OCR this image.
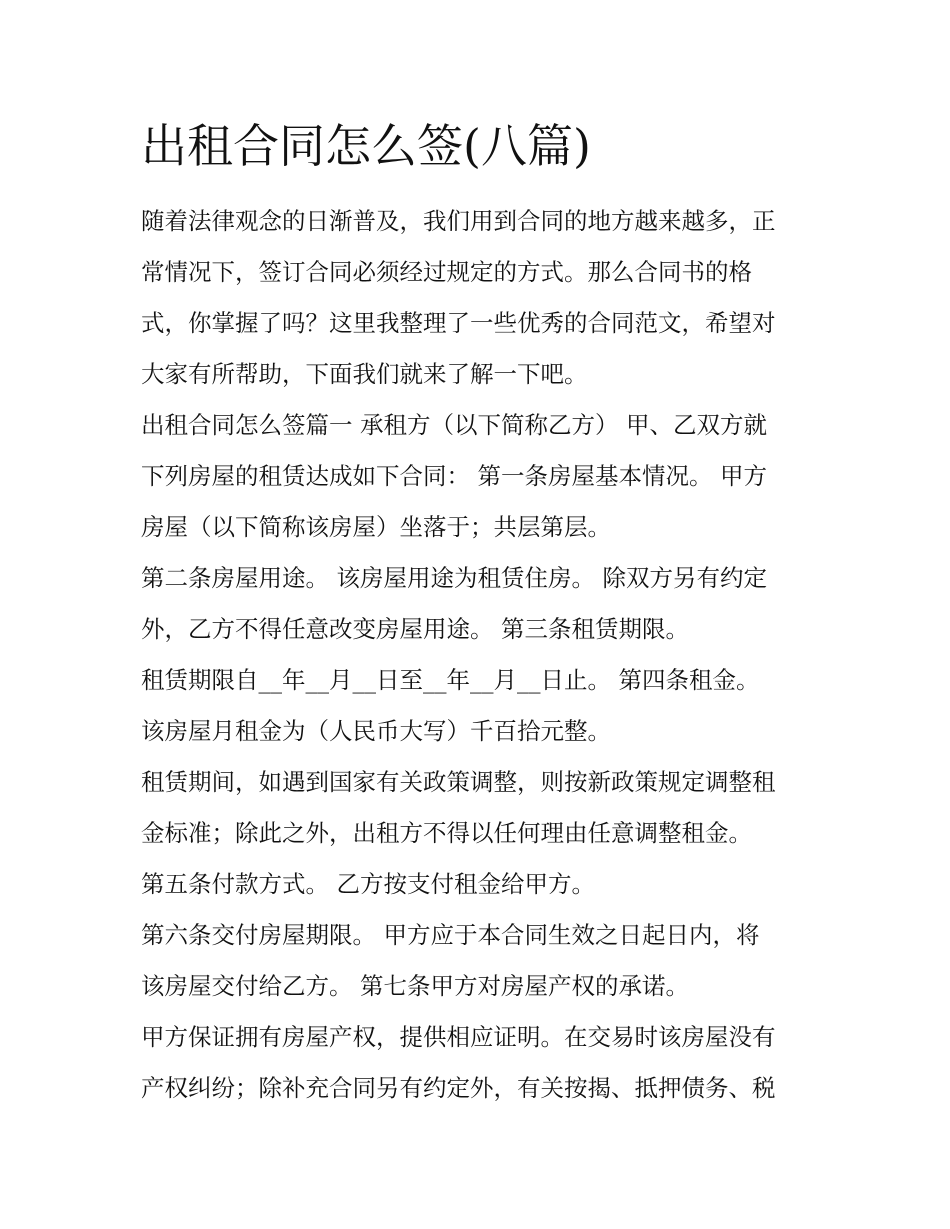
出租合同怎么签(八篇)
随着法律观念的日渐普及，我们用到合同的地方越来越多，正
常情况下，签订合同必须经过规定的方式。那么合同书的格
式，你掌握了吗？这里我整理了一些优秀的合同范文，希望对
大家有所帮助，下面我们就来了解一下吧。
出租合同怎么签篇一 承租方（以下简称乙方） 甲、乙双方就
下列房屋的租赁达成如下合同： 第一条房屋基本情况。 甲方
房屋（以下简称该房屋）坐落于；共层第层。
第二条房屋用途。 该房屋用途为租赁住房。 除双方另有约定
外，乙方不得任意改变房屋用途。 第三条租赁期限。
租赁期限自__年__月__日至__年__月__日止。 第四条租金。
该房屋月租金为（人民币大写）千百拾元整。
租赁期间，如遇到国家有关政策调整，则按新政策规定调整租
金标准；除此之外，出租方不得以任何理由任意调整租金。
第五条付款方式。 乙方按支付租金给甲方。
第六条交付房屋期限。 甲方应于本合同生效之日起日内，将
该房屋交付给乙方。 第七条甲方对房屋产权的承诺。
甲方保证拥有房屋产权，提供相应证明。在交易时该房屋没有
产权纠纷；除补充合同另有约定外，有关按揭、抵押债务、税
